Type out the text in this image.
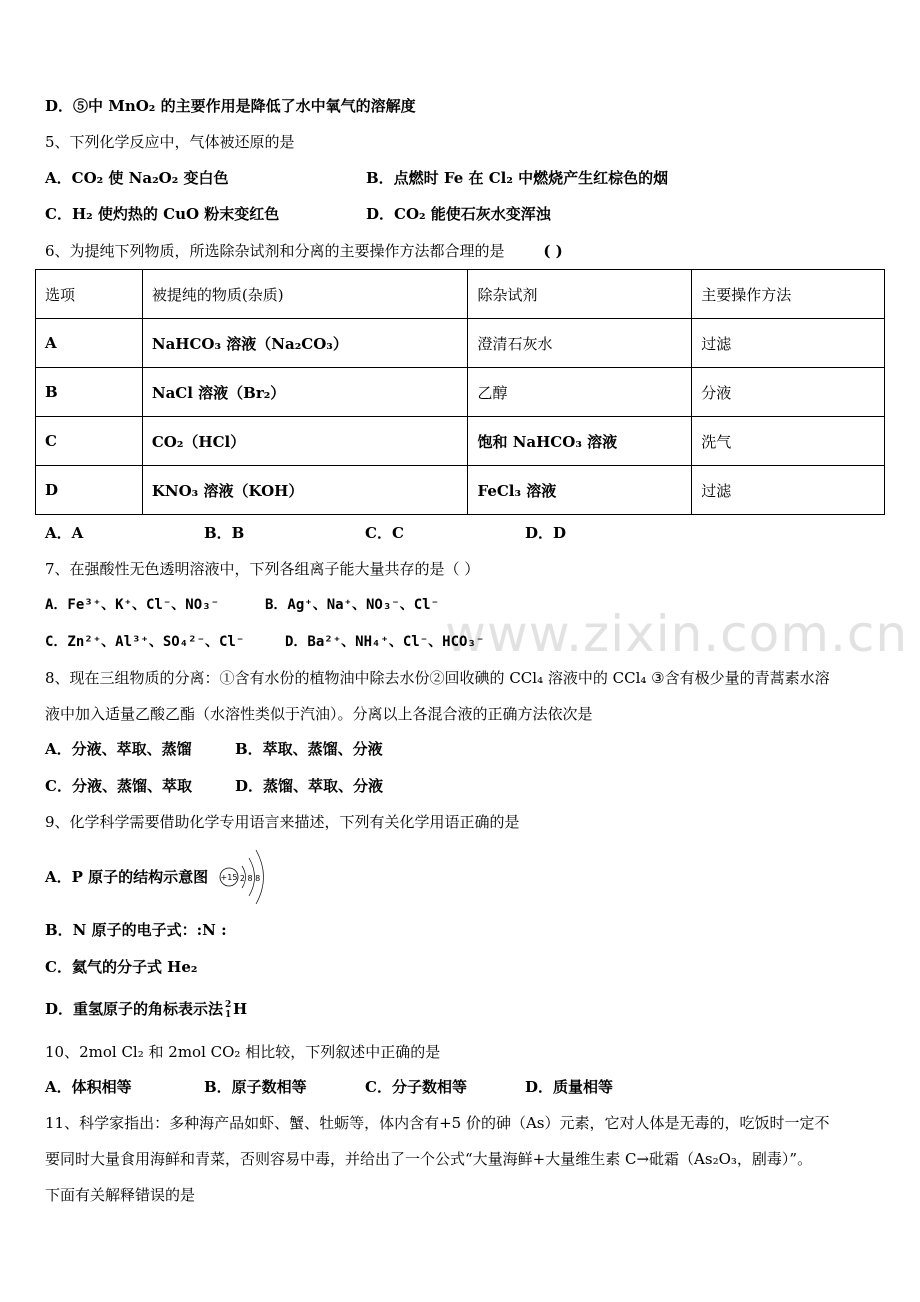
www.zixin.com.cn
D．⑤中 MnO₂ 的主要作用是降低了水中氧气的溶解度
5、下列化学反应中，气体被还原的是
A．CO₂ 使 Na₂O₂ 变白色	B．点燃时 Fe 在 Cl₂ 中燃烧产生红棕色的烟
C．H₂ 使灼热的 CuO 粉末变红色	D．CO₂ 能使石灰水变浑浊
6、为提纯下列物质，所选除杂试剂和分离的主要操作方法都合理的是	( )
选项	被提纯的物质(杂质)	除杂试剂	主要操作方法
A	NaHCO₃ 溶液（Na₂CO₃）	澄清石灰水	过滤
B	NaCl 溶液（Br₂）	乙醇	分液
C	CO₂（HCl）	饱和 NaHCO₃ 溶液	洗气
D	KNO₃ 溶液（KOH）	FeCl₃ 溶液	过滤
A．A	B．B	C．C	D．D
7、在强酸性无色透明溶液中，下列各组离子能大量共存的是（ ）
A．Fe³⁺、K⁺、Cl⁻、NO₃⁻	B．Ag⁺、Na⁺、NO₃⁻、Cl⁻
C．Zn²⁺、Al³⁺、SO₄²⁻、Cl⁻	D．Ba²⁺、NH₄⁺、Cl⁻、HCO₃⁻
8、现在三组物质的分离：①含有水份的植物油中除去水份②回收碘的 CCl₄ 溶液中的 CCl₄ ③含有极少量的青蒿素水溶
液中加入适量乙酸乙酯（水溶性类似于汽油）。分离以上各混合液的正确方法依次是
A．分液、萃取、蒸馏	B．萃取、蒸馏、分液
C．分液、蒸馏、萃取	D．蒸馏、萃取、分液
9、化学科学需要借助化学专用语言来描述，下列有关化学用语正确的是
A．P 原子的结构示意图 +15 2 8 8
B．N 原子的电子式：:N :
C．氦气的分子式 He₂
D．重氢原子的角标表示法 2
1 H
10、2mol Cl₂ 和 2mol CO₂ 相比较，下列叙述中正确的是
A．体积相等	B．原子数相等	C．分子数相等	D．质量相等
11、科学家指出：多种海产品如虾、蟹、牡蛎等，体内含有+5 价的砷（As）元素，它对人体是无毒的，吃饭时一定不
要同时大量食用海鲜和青菜，否则容易中毒，并给出了一个公式“大量海鲜+大量维生素 C→砒霜（As₂O₃，剧毒）”。
下面有关解释错误的是
